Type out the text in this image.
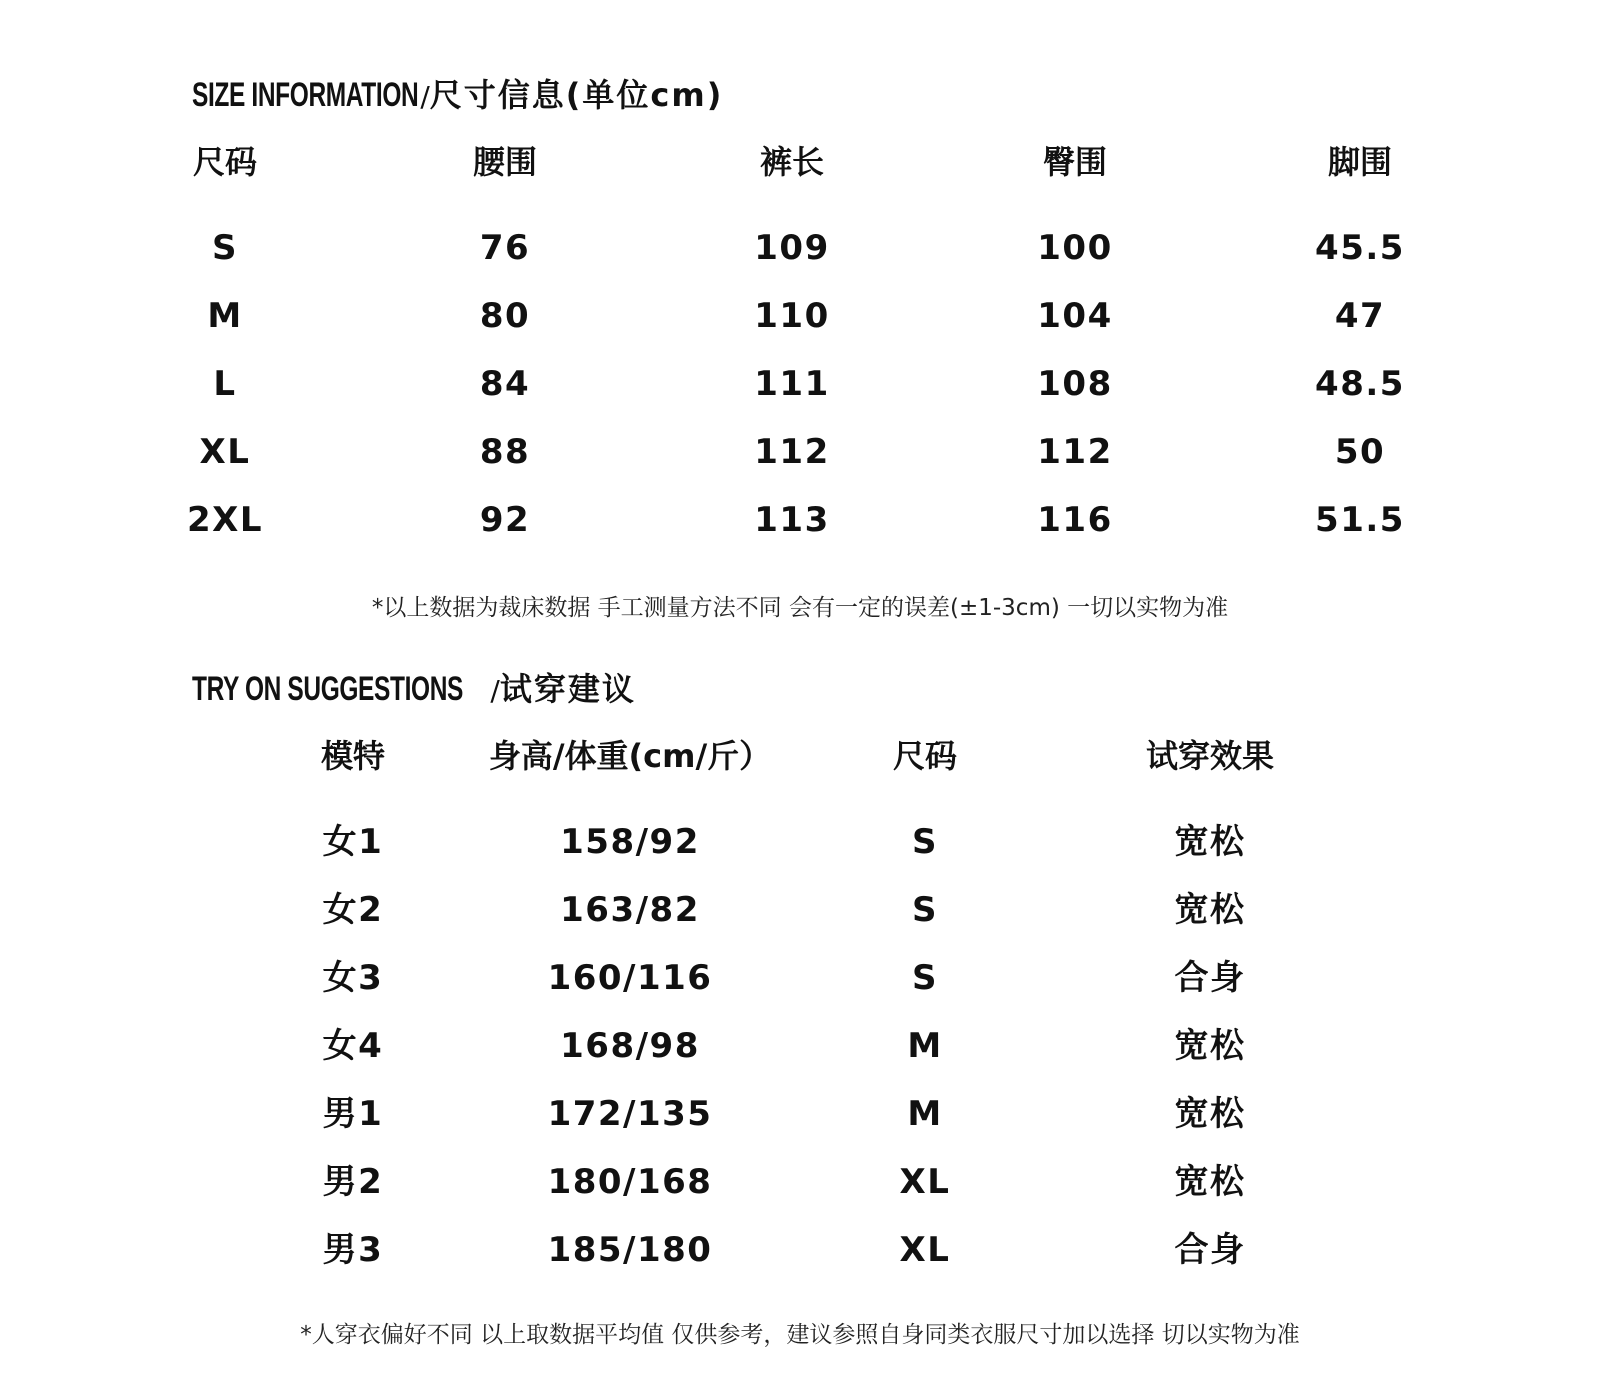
SIZE INFORMATION/尺寸信息(单位cm)
尺码	腰围	裤长	臀围	脚围
S	76	109	100	45.5
M	80	110	104	47
L	84	111	108	48.5
XL	88	112	112	50
2XL	92	113	116	51.5
*以上数据为裁床数据 手工测量方法不同 会有一定的误差(±1-3cm) 一切以实物为准
TRY ON SUGGESTIONS /试穿建议
模特	身高/体重(cm/斤）	尺码	试穿效果
女1	158/92	S	宽松
女2	163/82	S	宽松
女3	160/116	S	合身
女4	168/98	M	宽松
男1	172/135	M	宽松
男2	180/168	XL	宽松
男3	185/180	XL	合身
*人穿衣偏好不同 以上取数据平均值 仅供参考，建议参照自身同类衣服尺寸加以选择 切以实物为准
